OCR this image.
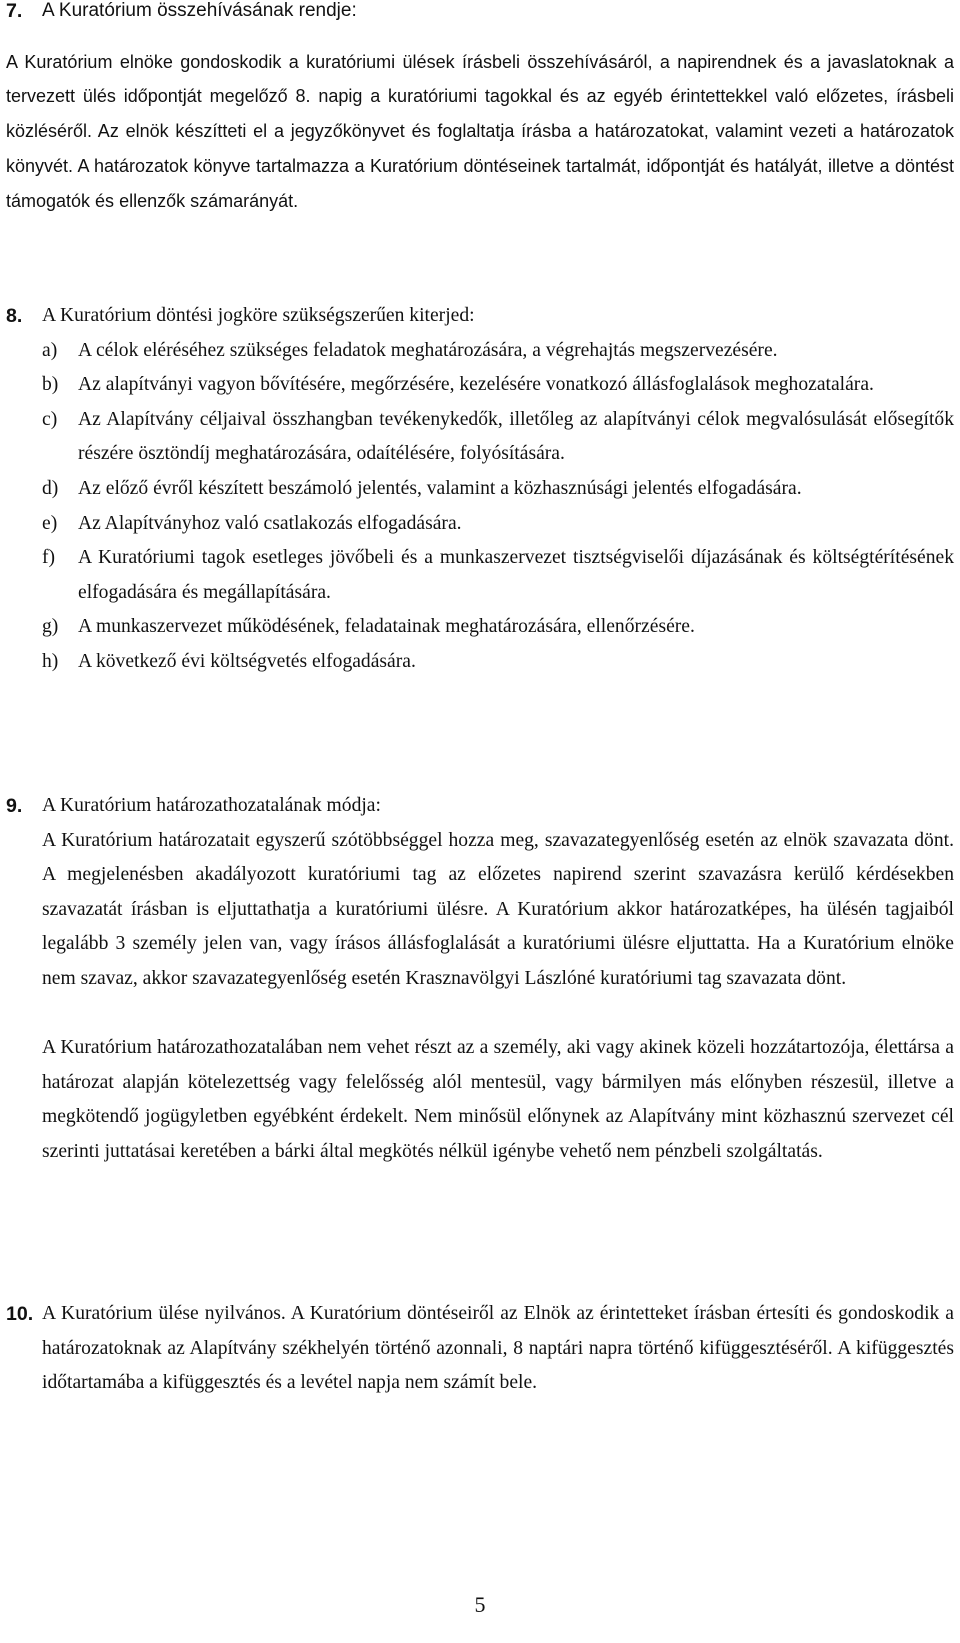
7.	A Kuratórium összehívásának rendje:

A Kuratórium elnöke gondoskodik a kuratóriumi ülések írásbeli összehívásáról, a napirendnek és a javaslatoknak a tervezett ülés időpontját megelőző 8. napig a kuratóriumi tagokkal és az egyéb érintettekkel való előzetes, írásbeli közléséről. Az elnök készítteti el a jegyzőkönyvet és foglaltatja írásba a határozatokat, valamint vezeti a határozatok könyvét. A határozatok könyve tartalmazza a Kuratórium döntéseinek tartalmát, időpontját és hatályát, illetve a döntést támogatók és ellenzők számarányát.

8.	A Kuratórium döntési jogköre szükségszerűen kiterjed:
a)	A célok eléréséhez szükséges feladatok meghatározására, a végrehajtás megszervezésére.
b)	Az alapítványi vagyon bővítésére, megőrzésére, kezelésére vonatkozó állásfoglalások meghozatalára.
c)	Az Alapítvány céljaival összhangban tevékenykedők, illetőleg az alapítványi célok megvalósulását elősegítők részére ösztöndíj meghatározására, odaítélésére, folyósítására.
d)	Az előző évről készített beszámoló jelentés, valamint a közhasznúsági jelentés elfogadására.
e)	Az Alapítványhoz való csatlakozás elfogadására.
f)	A Kuratóriumi tagok esetleges jövőbeli és a munkaszervezet tisztségviselői díjazásának és költségtérítésének elfogadására és megállapítására.
g)	A munkaszervezet működésének, feladatainak meghatározására, ellenőrzésére.
h)	A következő évi költségvetés elfogadására.
9.	A Kuratórium határozathozatalának módja:

A Kuratórium határozatait egyszerű szótöbbséggel hozza meg, szavazategyenlőség esetén az elnök szavazata dönt. A megjelenésben akadályozott kuratóriumi tag az előzetes napirend szerint szavazásra kerülő kérdésekben szavazatát írásban is eljuttathatja a kuratóriumi ülésre. A Kuratórium akkor határozatképes, ha ülésén tagjaiból legalább 3 személy jelen van, vagy írásos állásfoglalását a kuratóriumi ülésre eljuttatta. Ha a Kuratórium elnöke nem szavaz, akkor szavazategyenlőség esetén Krasznavölgyi Lászlóné kuratóriumi tag szavazata dönt.

A Kuratórium határozathozatalában nem vehet részt az a személy, aki vagy akinek közeli hozzátartozója, élettársa a határozat alapján kötelezettség vagy felelősség alól mentesül, vagy bármilyen más előnyben részesül, illetve a megkötendő jogügyletben egyébként érdekelt. Nem minősül előnynek az Alapítvány mint közhasznú szervezet cél szerinti juttatásai keretében a bárki által megkötés nélkül igénybe vehető nem pénzbeli szolgáltatás.

10. A Kuratórium ülése nyilvános. A Kuratórium döntéseiről az Elnök az érintetteket írásban értesíti és gondoskodik a határozatoknak az Alapítvány székhelyén történő azonnali, 8 naptári napra történő kifüggesztéséről. A kifüggesztés időtartamába a kifüggesztés és a levétel napja nem számít bele.
5
